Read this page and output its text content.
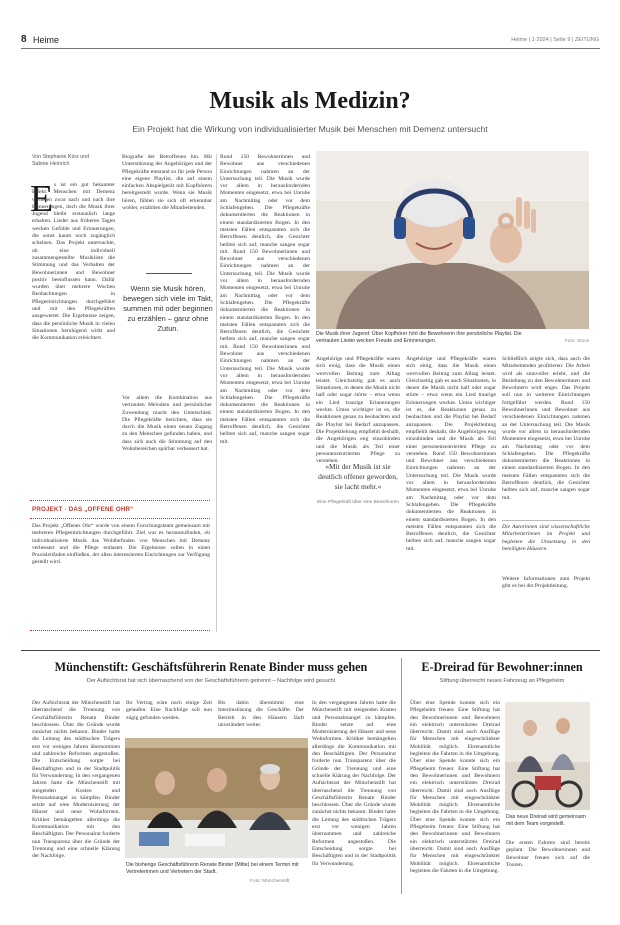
8 Heime	Heime | 1·2024 | Seite 9 | ZEITUNG
Musik als Medizin?
Ein Projekt hat die Wirkung von individualisierter Musik bei Menschen mit Demenz untersucht
Von Stephanie Kürz und Sabine Heinrich
E s ist ein gut bekannter Effekt: Menschen mit Demenz verlieren zwar nach und nach ihre Erinnerungen, doch die Musik ihrer Jugend bleibt erstaunlich lange erhalten. Lieder aus früheren Tagen wecken Gefühle und Erinnerungen, die sonst kaum noch zugänglich scheinen. Das Projekt untersuchte, ob eine individuell zusammengestellte Musikliste die Stimmung und das Verhalten der Bewohnerinnen und Bewohner positiv beeinflussen kann. Dafür wurden über mehrere Wochen Beobachtungen in Pflegeeinrichtungen durchgeführt und mit den Pflegekräften ausgewertet. Die Ergebnisse zeigen, dass die persönliche Musik in vielen Situationen beruhigend wirkt und die Kommunikation erleichtert.

PROJEKT · DAS „OFFENE OHR“

Das Projekt „Offenes Ohr“ wurde von einem Forschungsteam gemeinsam mit mehreren Pflegeeinrichtungen durchgeführt. Ziel war es herauszufinden, ob individualisierte Musik das Wohlbefinden von Menschen mit Demenz verbessert und die Pflege entlastet. Die Ergebnisse sollen in einen Praxisleitfaden einfließen, der allen interessierten Einrichtungen zur Verfügung gestellt wird.

Biografie der Betroffenen hin. Mit Unterstützung der Angehörigen und der Pflegekräfte entstand so für jede Person eine eigene Playlist, die auf einem einfachen Abspielgerät mit Kopfhörern bereitgestellt wurde. Wenn sie Musik hören, fühlen sie sich oft erkennbar wohler, erzählten die Mitarbeitenden.

Wenn sie Musik hören, bewegen sich viele im Takt, summen mit oder beginnen zu erzählen – ganz ohne Zutun.

Vor allem die Kombination aus vertrauten Melodien und persönlicher Zuwendung macht den Unterschied. Die Pflegekräfte berichten, dass sie durch die Musik einen neuen Zugang zu den Menschen gefunden haben, und dass sich auch die Stimmung auf den Wohnbereichen spürbar verbessert hat.

Rund 150 Bewohnerinnen und Bewohner aus verschiedenen Einrichtungen nahmen an der Untersuchung teil. Die Musik wurde vor allem in herausfordernden Momenten eingesetzt, etwa bei Unruhe am Nachmittag oder vor dem Schlafengehen. Die Pflegekräfte dokumentierten die Reaktionen in einem standardisierten Bogen. In den meisten Fällen entspannten sich die Betroffenen deutlich, die Gesichter hellten sich auf, manche sangen sogar mit. Rund 150 Bewohnerinnen und Bewohner aus verschiedenen Einrichtungen nahmen an der Untersuchung teil. Die Musik wurde vor allem in herausfordernden Momenten eingesetzt, etwa bei Unruhe am Nachmittag oder vor dem Schlafengehen. Die Pflegekräfte dokumentierten die Reaktionen in einem standardisierten Bogen. In den meisten Fällen entspannten sich die Betroffenen deutlich, die Gesichter hellten sich auf, manche sangen sogar mit. Rund 150 Bewohnerinnen und Bewohner aus verschiedenen Einrichtungen nahmen an der Untersuchung teil. Die Musik wurde vor allem in herausfordernden Momenten eingesetzt, etwa bei Unruhe am Nachmittag oder vor dem Schlafengehen. Die Pflegekräfte dokumentierten die Reaktionen in einem standardisierten Bogen. In den meisten Fällen entspannten sich die Betroffenen deutlich, die Gesichter hellten sich auf, manche sangen sogar mit.

Die Musik ihrer Jugend: Über Kopfhörer hört die Bewohnerin ihre persönliche Playlist. Die vertrauten Lieder wecken Freude und Erinnerungen.	Foto: Stock

Angehörige und Pflegekräfte waren sich einig, dass die Musik einen wertvollen Beitrag zum Alltag leistet. Gleichzeitig gab es auch Situationen, in denen die Musik nicht half oder sogar störte – etwa wenn ein Lied traurige Erinnerungen weckte. Umso wichtiger ist es, die Reaktionen genau zu beobachten und die Playlist bei Bedarf anzupassen. Die Projektleitung empfiehlt deshalb, die Angehörigen eng einzubinden und die Musik als Teil einer personenzentrierten Pflege zu verstehen.

»Mit der Musik ist sie deutlich offener geworden, sie lacht mehr.«
Eine Pflegekraft über eine Bewohnerin

Angehörige und Pflegekräfte waren sich einig, dass die Musik einen wertvollen Beitrag zum Alltag leistet. Gleichzeitig gab es auch Situationen, in denen die Musik nicht half oder sogar störte – etwa wenn ein Lied traurige Erinnerungen weckte. Umso wichtiger ist es, die Reaktionen genau zu beobachten und die Playlist bei Bedarf anzupassen. Die Projektleitung empfiehlt deshalb, die Angehörigen eng einzubinden und die Musik als Teil einer personenzentrierten Pflege zu verstehen. Rund 150 Bewohnerinnen und Bewohner aus verschiedenen Einrichtungen nahmen an der Untersuchung teil. Die Musik wurde vor allem in herausfordernden Momenten eingesetzt, etwa bei Unruhe am Nachmittag oder vor dem Schlafengehen. Die Pflegekräfte dokumentierten die Reaktionen in einem standardisierten Bogen. In den meisten Fällen entspannten sich die Betroffenen deutlich, die Gesichter hellten sich auf, manche sangen sogar mit.

Schließlich zeigte sich, dass auch die Mitarbeitenden profitieren: Die Arbeit wird als sinnvoller erlebt, und die Beziehung zu den Bewohnerinnen und Bewohnern wird enger. Das Projekt soll nun in weiteren Einrichtungen fortgeführt werden. Rund 150 Bewohnerinnen und Bewohner aus verschiedenen Einrichtungen nahmen an der Untersuchung teil. Die Musik wurde vor allem in herausfordernden Momenten eingesetzt, etwa bei Unruhe am Nachmittag oder vor dem Schlafengehen. Die Pflegekräfte dokumentierten die Reaktionen in einem standardisierten Bogen. In den meisten Fällen entspannten sich die Betroffenen deutlich, die Gesichter hellten sich auf, manche sangen sogar mit.

Die Autorinnen sind wissenschaftliche Mitarbeiterinnen im Projekt und begleiten die Umsetzung in den beteiligten Häusern.

Weitere Informationen zum Projekt gibt es bei der Projektleitung.

Münchenstift: Geschäftsführerin Renate Binder muss gehen
Der Aufsichtsrat hat sich überraschend von der Geschäftsführerin getrennt – Nachfolge wird gesucht

Der Aufsichtsrat der Münchenstift hat überraschend die Trennung von Geschäftsführerin Renate Binder beschlossen. Über die Gründe wurde zunächst nichts bekannt. Binder hatte die Leitung des städtischen Trägers erst vor wenigen Jahren übernommen und zahlreiche Reformen angestoßen. Die Entscheidung sorgte bei Beschäftigten und in der Stadtpolitik für Verwunderung. In den vergangenen Jahren hatte die Münchenstift mit steigenden Kosten und Personalmangel zu kämpfen. Binder setzte auf eine Modernisierung der Häuser und neue Wohnformen. Kritiker bemängelten allerdings die Kommunikation mit den Beschäftigten. Der Personalrat forderte nun Transparenz über die Gründe der Trennung und eine schnelle Klärung der Nachfolge.

Ihr Vertrag wäre noch einige Zeit gelaufen. Eine Nachfolge soll nun zügig gefunden werden.

Bis dahin übernimmt eine Interimslösung die Geschäfte. Der Betrieb in den Häusern läuft unverändert weiter.

Die bisherige Geschäftsführerin Renate Binder (Mitte) bei einem Termin mit Vertreterinnen und Vertretern der Stadt.
Foto: Münchenstift

In den vergangenen Jahren hatte die Münchenstift mit steigenden Kosten und Personalmangel zu kämpfen. Binder setzte auf eine Modernisierung der Häuser und neue Wohnformen. Kritiker bemängelten allerdings die Kommunikation mit den Beschäftigten. Der Personalrat forderte nun Transparenz über die Gründe der Trennung und eine schnelle Klärung der Nachfolge. Der Aufsichtsrat der Münchenstift hat überraschend die Trennung von Geschäftsführerin Renate Binder beschlossen. Über die Gründe wurde zunächst nichts bekannt. Binder hatte die Leitung des städtischen Trägers erst vor wenigen Jahren übernommen und zahlreiche Reformen angestoßen. Die Entscheidung sorgte bei Beschäftigten und in der Stadtpolitik für Verwunderung.

E-Dreirad für Bewohner:innen
Stiftung überreicht neues Fahrzeug an Pflegeheim

Über eine Spende konnte sich ein Pflegeheim freuen: Eine Stiftung hat den Bewohnerinnen und Bewohnern ein elektrisch unterstütztes Dreirad überreicht. Damit sind auch Ausflüge für Menschen mit eingeschränkter Mobilität möglich. Ehrenamtliche begleiten die Fahrten in die Umgebung. Über eine Spende konnte sich ein Pflegeheim freuen: Eine Stiftung hat den Bewohnerinnen und Bewohnern ein elektrisch unterstütztes Dreirad überreicht. Damit sind auch Ausflüge für Menschen mit eingeschränkter Mobilität möglich. Ehrenamtliche begleiten die Fahrten in die Umgebung. Über eine Spende konnte sich ein Pflegeheim freuen: Eine Stiftung hat den Bewohnerinnen und Bewohnern ein elektrisch unterstütztes Dreirad überreicht. Damit sind auch Ausflüge für Menschen mit eingeschränkter Mobilität möglich. Ehrenamtliche begleiten die Fahrten in die Umgebung.

Das neue Dreirad wird gemeinsam mit dem Team vorgestellt.

Die ersten Fahrten sind bereits geplant. Die Bewohnerinnen und Bewohner freuen sich auf die Touren.
